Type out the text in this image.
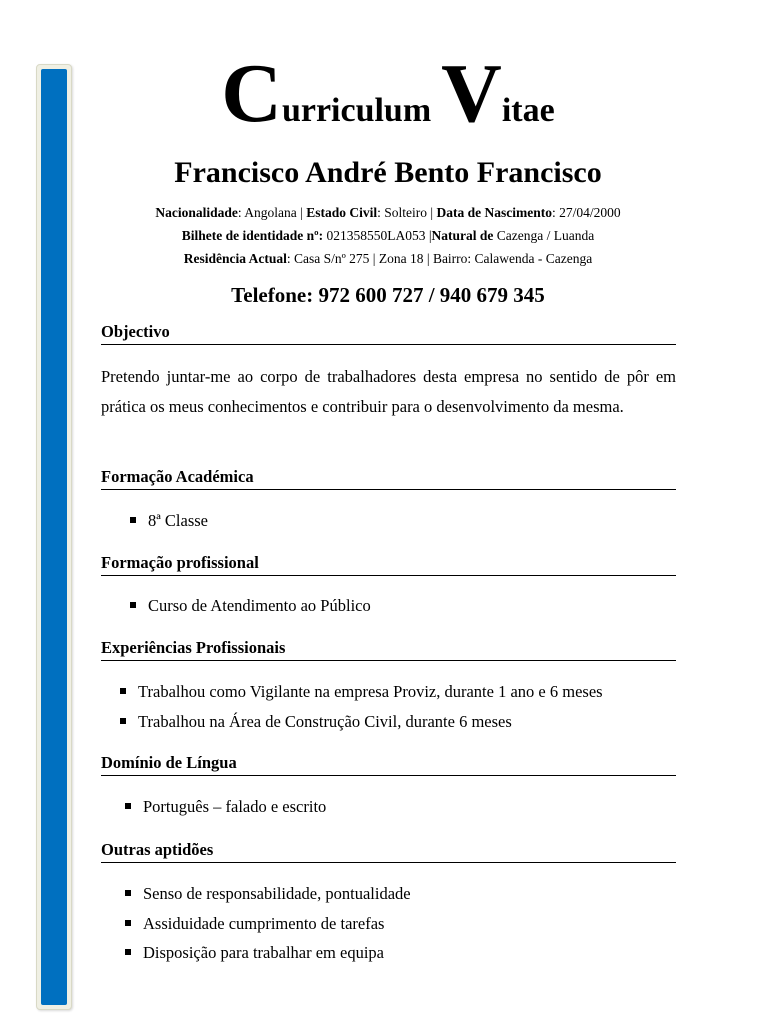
Curriculum Vitae
Francisco André Bento Francisco
Nacionalidade: Angolana | Estado Civil: Solteiro | Data de Nascimento: 27/04/2000
Bilhete de identidade nº: 021358550LA053 |Natural de Cazenga / Luanda
Residência Actual: Casa S/nº 275 | Zona 18 | Bairro: Calawenda - Cazenga
Telefone: 972 600 727 / 940 679 345
Objectivo
Pretendo juntar-me ao corpo de trabalhadores desta empresa no sentido de pôr em prática os meus conhecimentos e contribuir para o desenvolvimento da mesma.
Formação Académica
8ª Classe
Formação profissional
Curso de Atendimento ao Público
Experiências Profissionais
Trabalhou como Vigilante na empresa Proviz, durante 1 ano e 6 meses
Trabalhou na Área de Construção Civil, durante 6 meses
Domínio de Língua
Português – falado e escrito
Outras aptidões
Senso de responsabilidade, pontualidade
Assiduidade cumprimento de tarefas
Disposição para trabalhar em equipa
